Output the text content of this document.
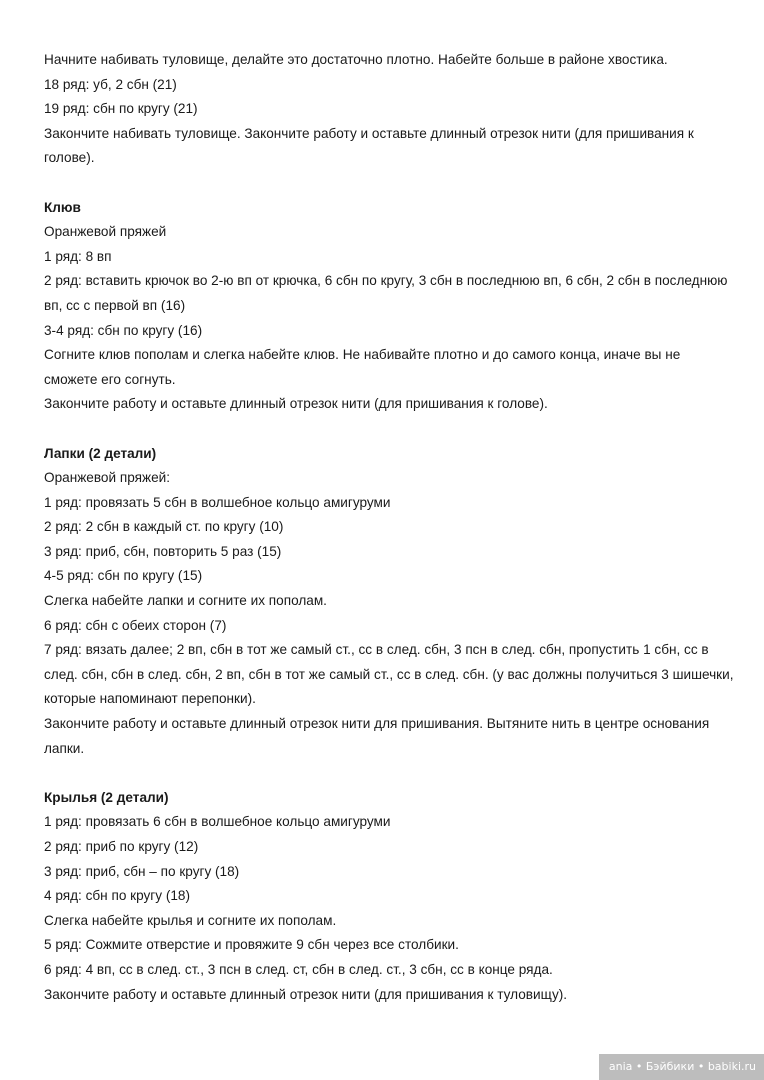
Начните набивать туловище, делайте это достаточно плотно. Набейте больше в районе хвостика.

18 ряд: уб, 2 сбн (21)

19 ряд: сбн по кругу (21)

Закончите набивать туловище. Закончите работу и оставьте длинный отрезок нити (для пришивания к голове).

Клюв

Оранжевой пряжей

1 ряд: 8 вп

2 ряд: вставить крючок во 2-ю вп от крючка, 6 сбн по кругу, 3 сбн в последнюю вп, 6 сбн, 2 сбн в последнюю вп, сс с первой вп (16)

3-4 ряд: сбн по кругу (16)

Согните клюв пополам и слегка набейте клюв. Не набивайте плотно и до самого конца, иначе вы не сможете его согнуть.

Закончите работу и оставьте длинный отрезок нити (для пришивания к голове).

Лапки (2 детали)

Оранжевой пряжей:

1 ряд: провязать 5 сбн в волшебное кольцо амигуруми

2 ряд: 2 сбн в каждый ст. по кругу (10)

3 ряд: приб, сбн, повторить 5 раз (15)

4-5 ряд: сбн по кругу (15)

Слегка набейте лапки и согните их пополам.

6 ряд: сбн с обеих сторон (7)

7 ряд: вязать далее; 2 вп, сбн в тот же самый ст., сс в след. сбн, 3 псн в след. сбн, пропустить 1 сбн, сс в след. сбн, сбн в след. сбн, 2 вп, сбн в тот же самый ст., сс в след. сбн. (у вас должны получиться 3 шишечки, которые напоминают перепонки).

Закончите работу и оставьте длинный отрезок нити для пришивания. Вытяните нить в центре основания лапки.

Крылья (2 детали)

1 ряд: провязать 6 сбн в волшебное кольцо амигуруми

2 ряд: приб по кругу (12)

3 ряд: приб, сбн – по кругу (18)

4 ряд: сбн по кругу (18)

Слегка набейте крылья и согните их пополам.

5 ряд: Сожмите отверстие и провяжите 9 сбн через все столбики.

6 ряд: 4 вп, сс в след. ст., 3 псн в след. ст, сбн в след. ст., 3 сбн, сс в конце ряда.

Закончите работу и оставьте длинный отрезок нити (для пришивания к туловищу).

ania • Бэйбики • babiki.ru
